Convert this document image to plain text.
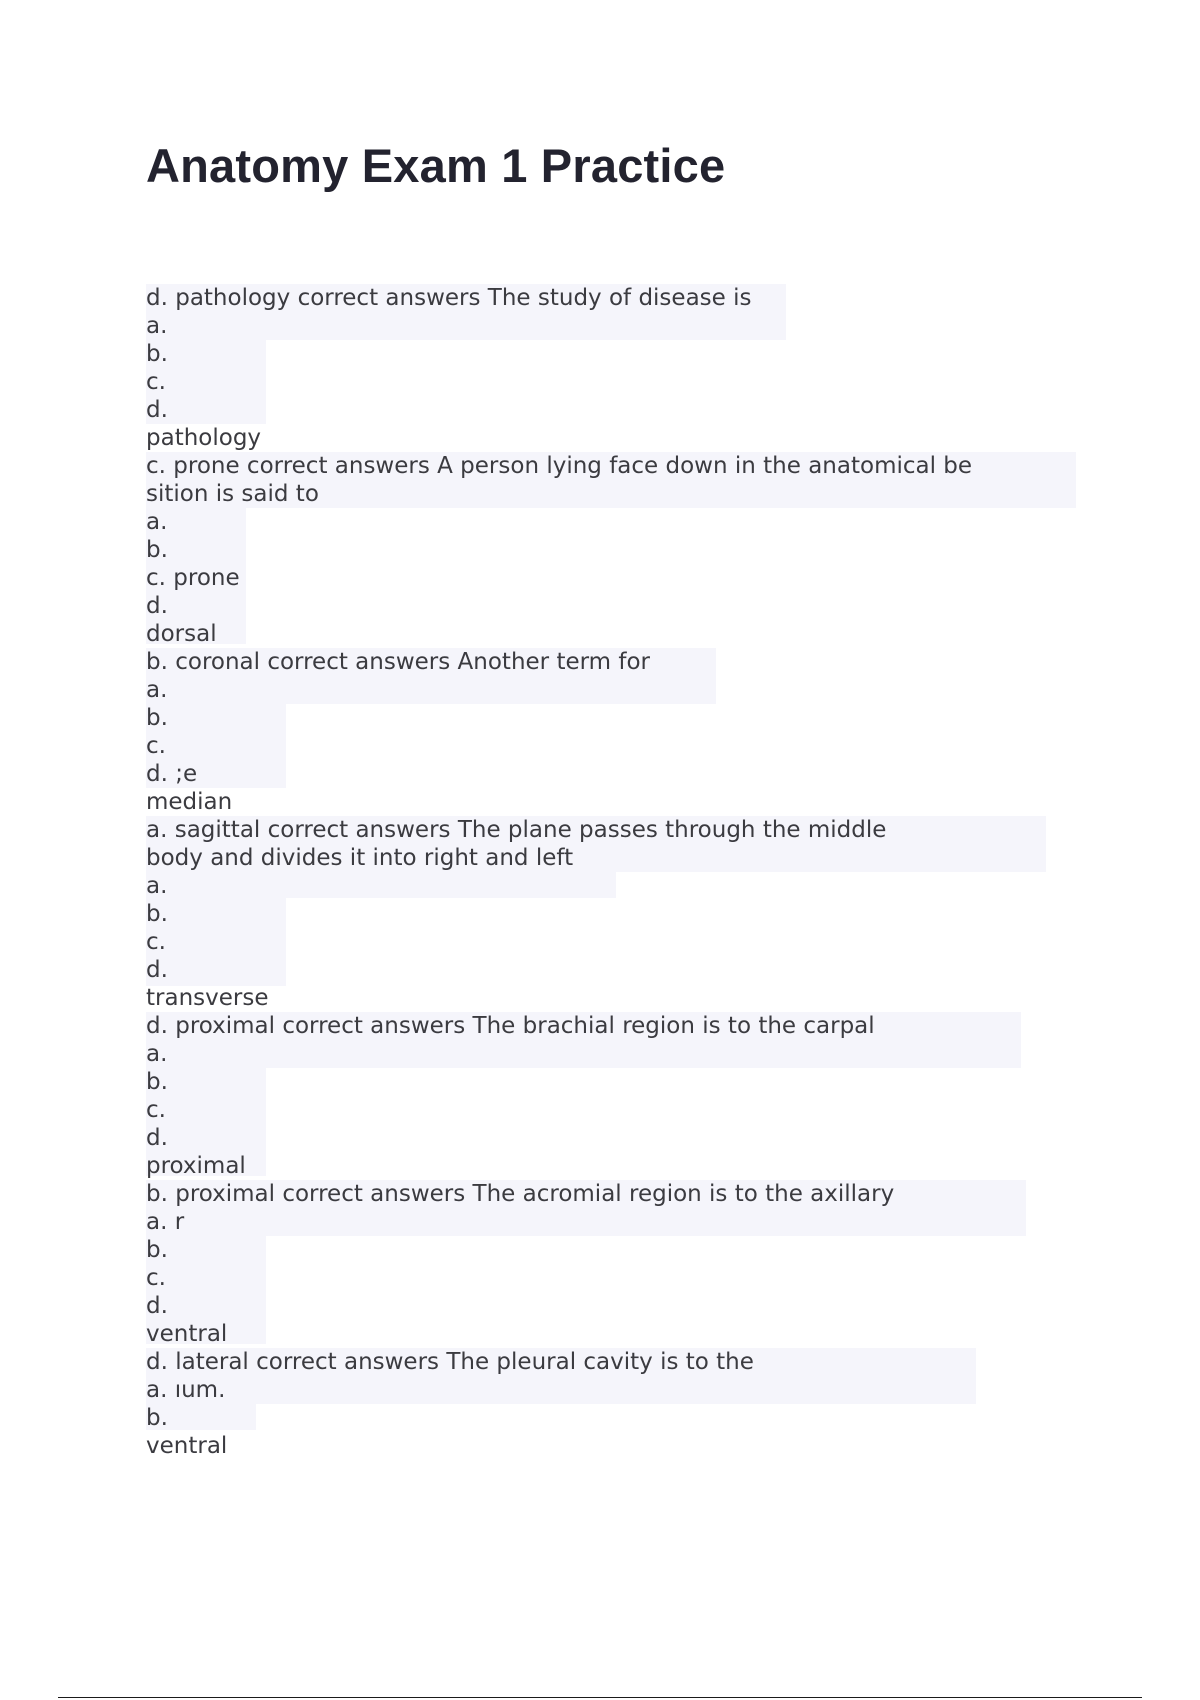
Anatomy Exam 1 Practice
d. pathology correct answers The study of disease is
a.
b.
c.
d.
pathology
c. prone correct answers A person lying face down in the anatomical be
sition is said to
a.
b.
c. prone
d.
dorsal
b. coronal correct answers Another term for
a.
b.
c.
d. ;e
median
a. sagittal correct answers The plane passes through the middle
body and divides it into right and left
a.
b.
c.
d.
transverse
d. proximal correct answers The brachial region is to the carpal
a.
b.
c.
d.
proximal
b. proximal correct answers The acromial region is to the axillary
a. r
b.
c.
d.
ventral
d. lateral correct answers The pleural cavity is to the
a. ıum.
b.
ventral
